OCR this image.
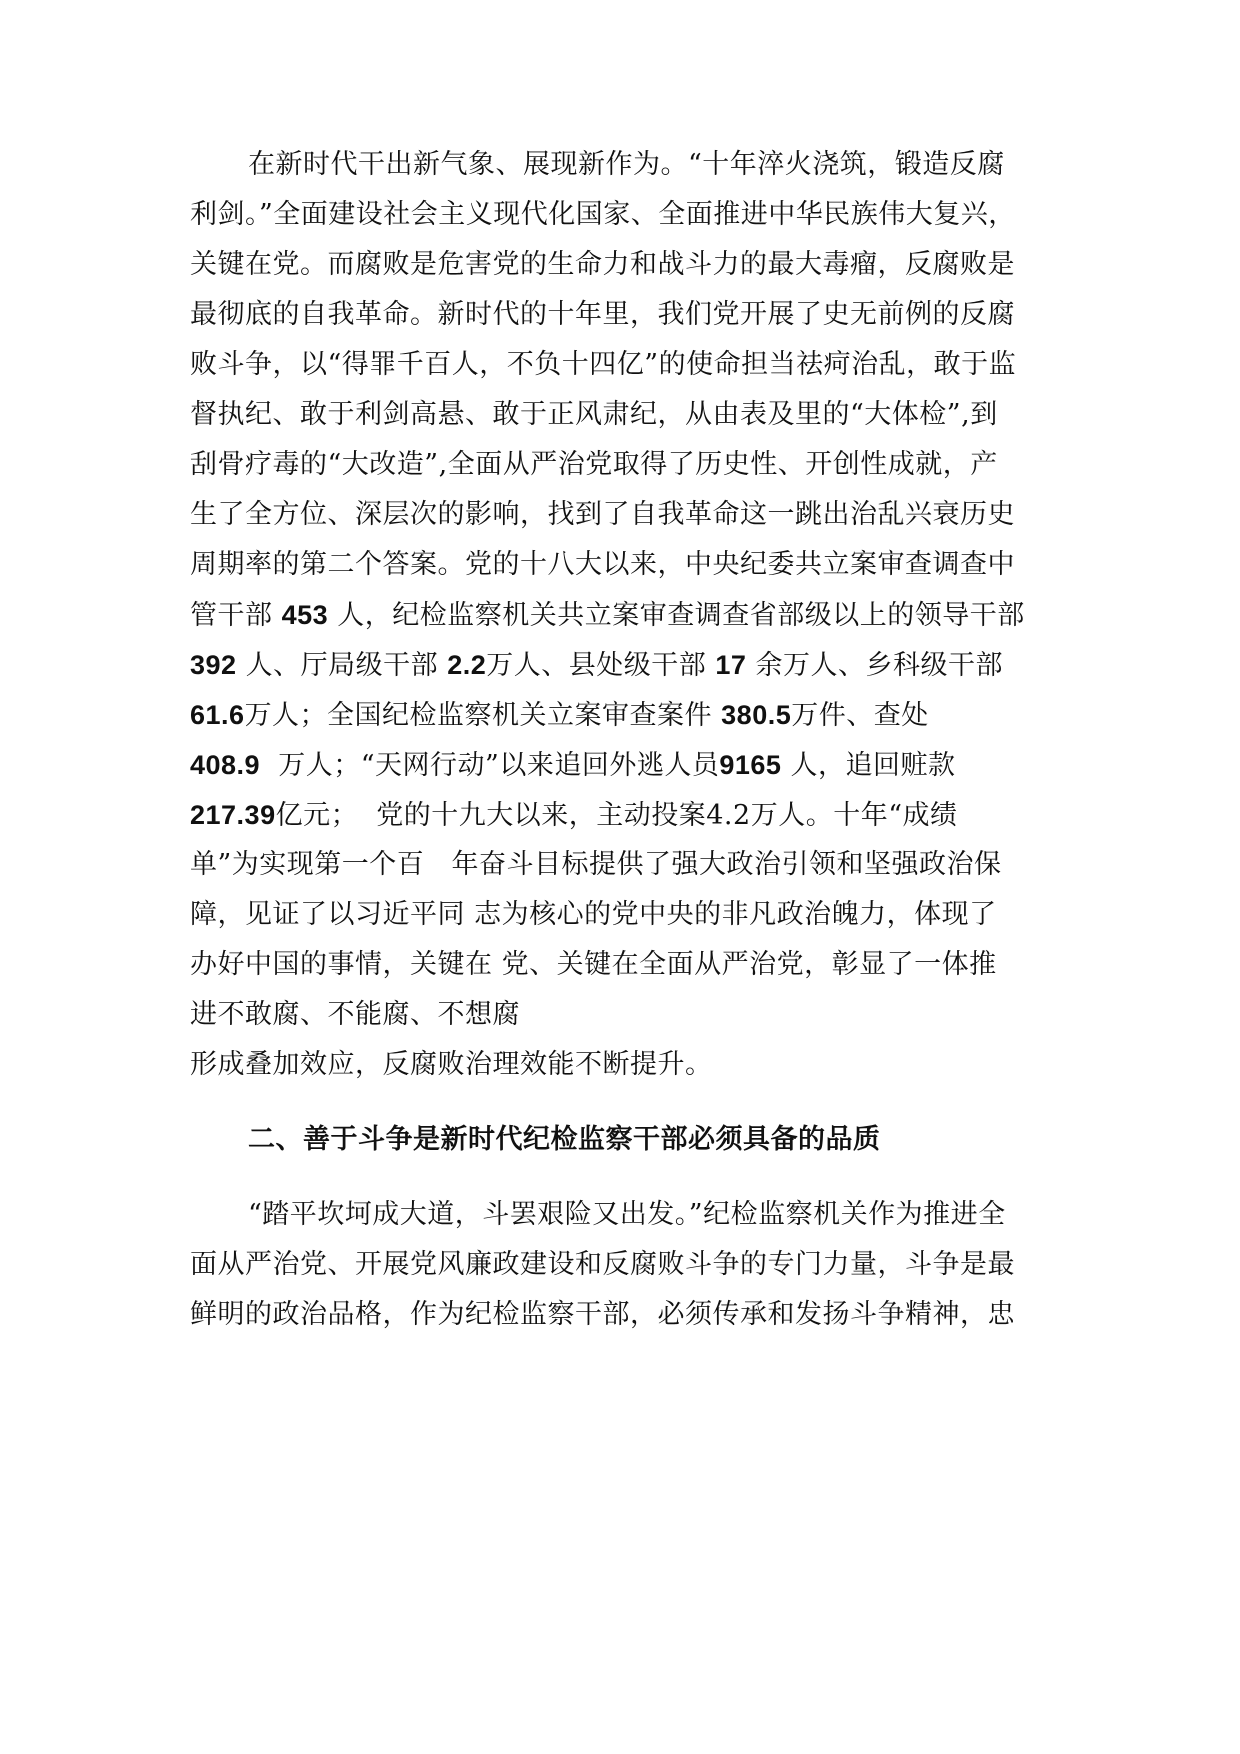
在新时代干出新气象、展现新作为。“十年淬火浇筑，锻造反腐
利剑。”全面建设社会主义现代化国家、全面推进中华民族伟大复兴，
关键在党。而腐败是危害党的生命力和战斗力的最大毒瘤，反腐败是
最彻底的自我革命。新时代的十年里，我们党开展了史无前例的反腐
败斗争，以“得罪千百人，不负十四亿”的使命担当祛疴治乱，敢于监
督执纪、敢于利剑高悬、敢于正风肃纪，从由表及里的“大体检”,到
刮骨疗毒的“大改造”,全面从严治党取得了历史性、开创性成就，产
生了全方位、深层次的影响，找到了自我革命这一跳出治乱兴衰历史
周期率的第二个答案。党的十八大以来，中央纪委共立案审查调查中
管干部 453 人，纪检监察机关共立案审查调查省部级以上的领导干部
392 人、厅局级干部 2.2万人、县处级干部 17 余万人、乡科级干部
61.6万人；全国纪检监察机关立案审查案件 380.5万件、查处
408.9  万人；“天网行动”以来追回外逃人员9165 人，追回赃款
217.39亿元；  党的十九大以来，主动投案4.2万人。十年“成绩
单”为实现第一个百   年奋斗目标提供了强大政治引领和坚强政治保
障，见证了以习近平同 志为核心的党中央的非凡政治魄力，体现了
办好中国的事情，关键在 党、关键在全面从严治党，彰显了一体推
进不敢腐、不能腐、不想腐
形成叠加效应，反腐败治理效能不断提升。
二、善于斗争是新时代纪检监察干部必须具备的品质
“踏平坎坷成大道，斗罢艰险又出发。”纪检监察机关作为推进全
面从严治党、开展党风廉政建设和反腐败斗争的专门力量，斗争是最
鲜明的政治品格，作为纪检监察干部，必须传承和发扬斗争精神，忠
